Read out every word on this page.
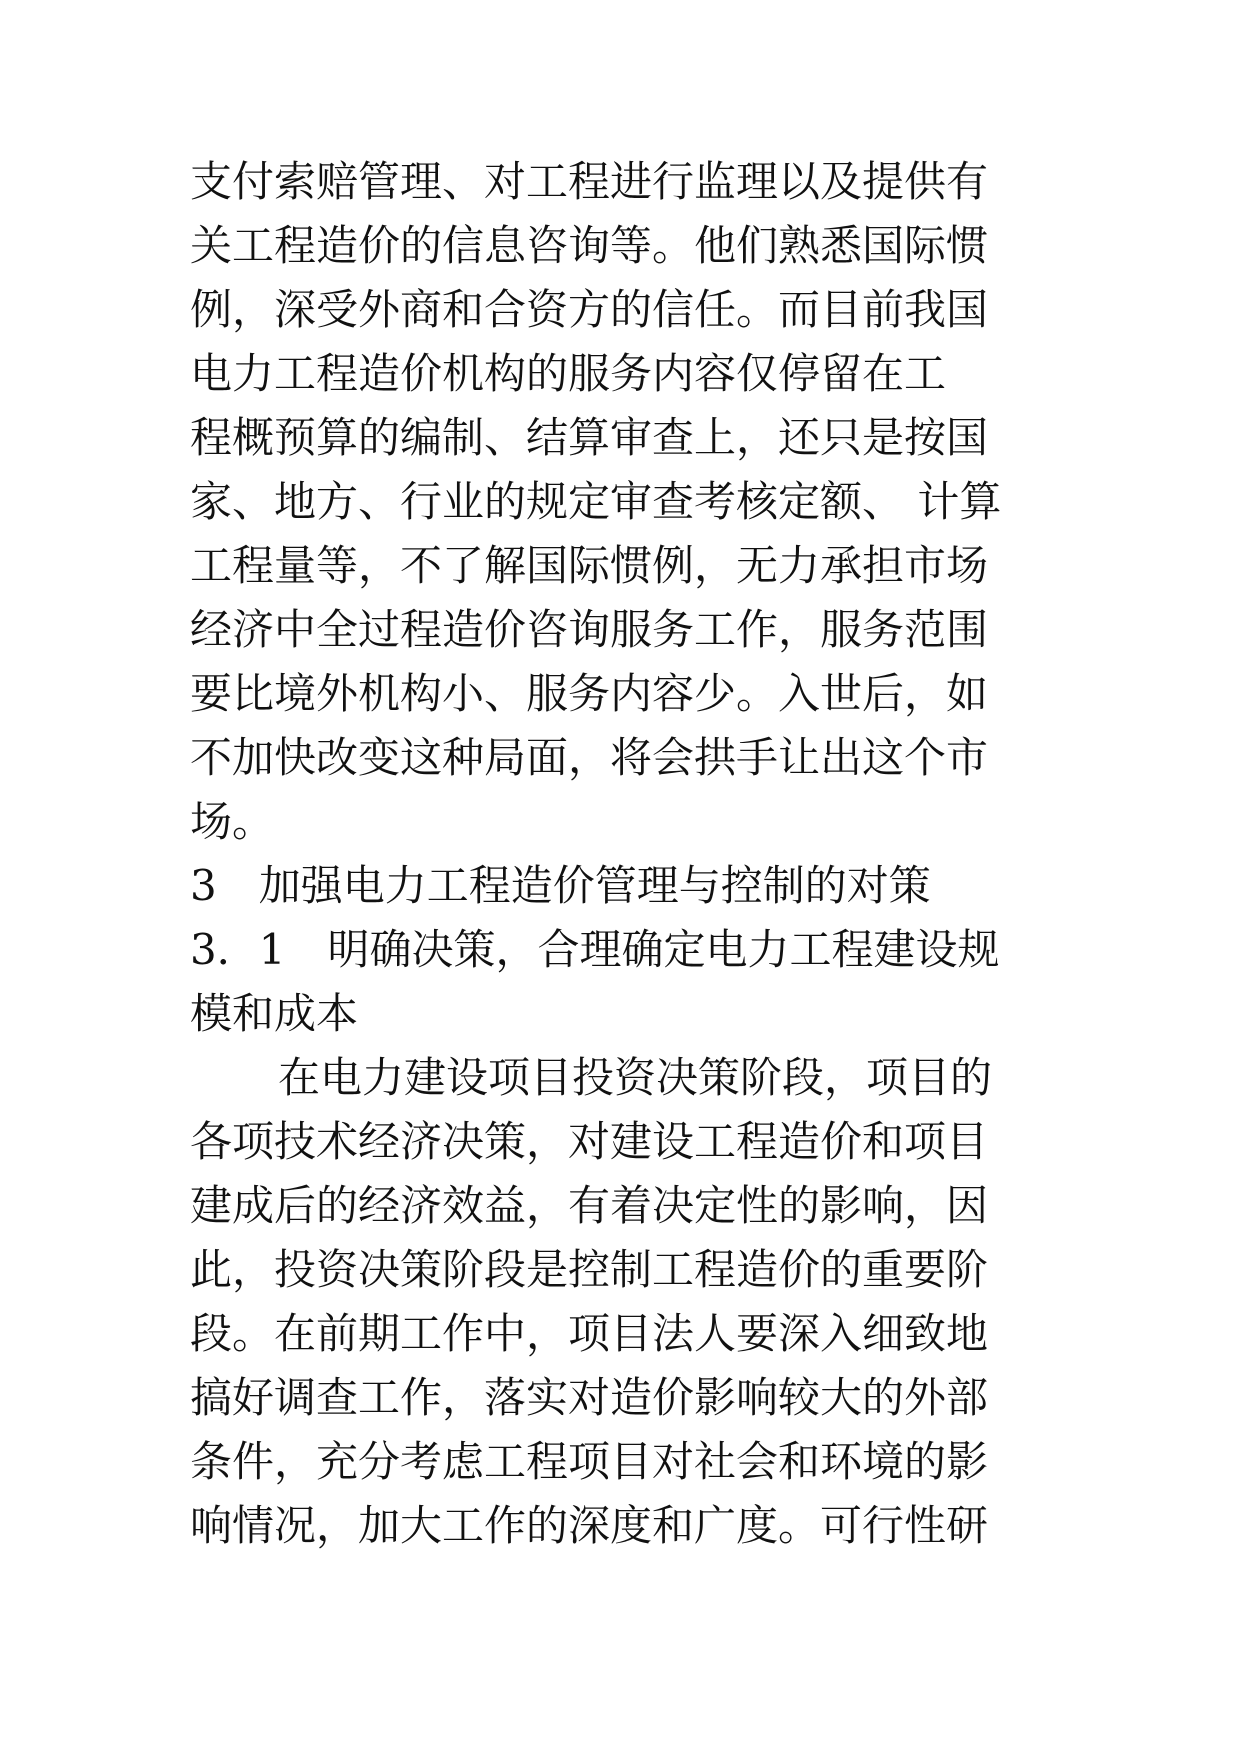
支付索赔管理、对工程进行监理以及提供有
关工程造价的信息咨询等。他们熟悉国际惯
例，深受外商和合资方的信任。而目前我国
电力工程造价机构的服务内容仅停留在工
程概预算的编制、结算审查上，还只是按国
家、地方、行业的规定审查考核定额、 计算
工程量等，不了解国际惯例，无力承担市场
经济中全过程造价咨询服务工作，服务范围
要比境外机构小、服务内容少。入世后，如
不加快改变这种局面，将会拱手让出这个市
场。
3　加强电力工程造价管理与控制的对策
3．1　明确决策，合理确定电力工程建设规
模和成本
在电力建设项目投资决策阶段，项目的
各项技术经济决策，对建设工程造价和项目
建成后的经济效益，有着决定性的影响，因
此，投资决策阶段是控制工程造价的重要阶
段。在前期工作中，项目法人要深入细致地
搞好调查工作，落实对造价影响较大的外部
条件，充分考虑工程项目对社会和环境的影
响情况，加大工作的深度和广度。可行性研
